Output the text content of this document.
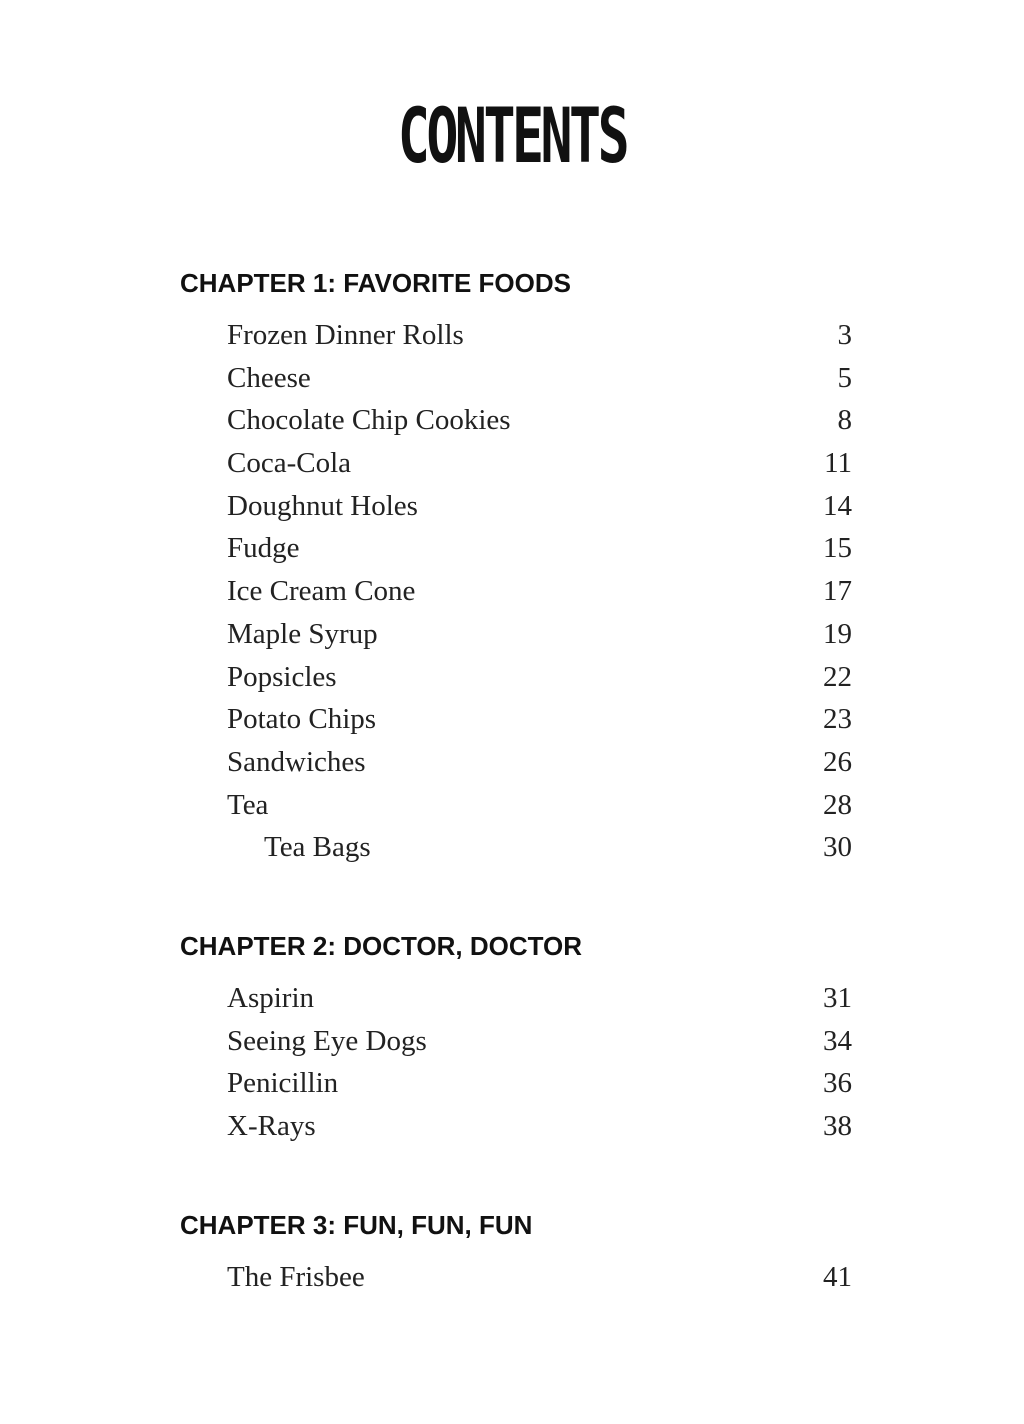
CONTENTS
CHAPTER 1: FAVORITE FOODS
Frozen Dinner Rolls	3
Cheese	5
Chocolate Chip Cookies	8
Coca-Cola	11
Doughnut Holes	14
Fudge	15
Ice Cream Cone	17
Maple Syrup	19
Popsicles	22
Potato Chips	23
Sandwiches	26
Tea	28
Tea Bags	30
CHAPTER 2: DOCTOR, DOCTOR
Aspirin	31
Seeing Eye Dogs	34
Penicillin	36
X-Rays	38
CHAPTER 3: FUN, FUN, FUN
The Frisbee	41
